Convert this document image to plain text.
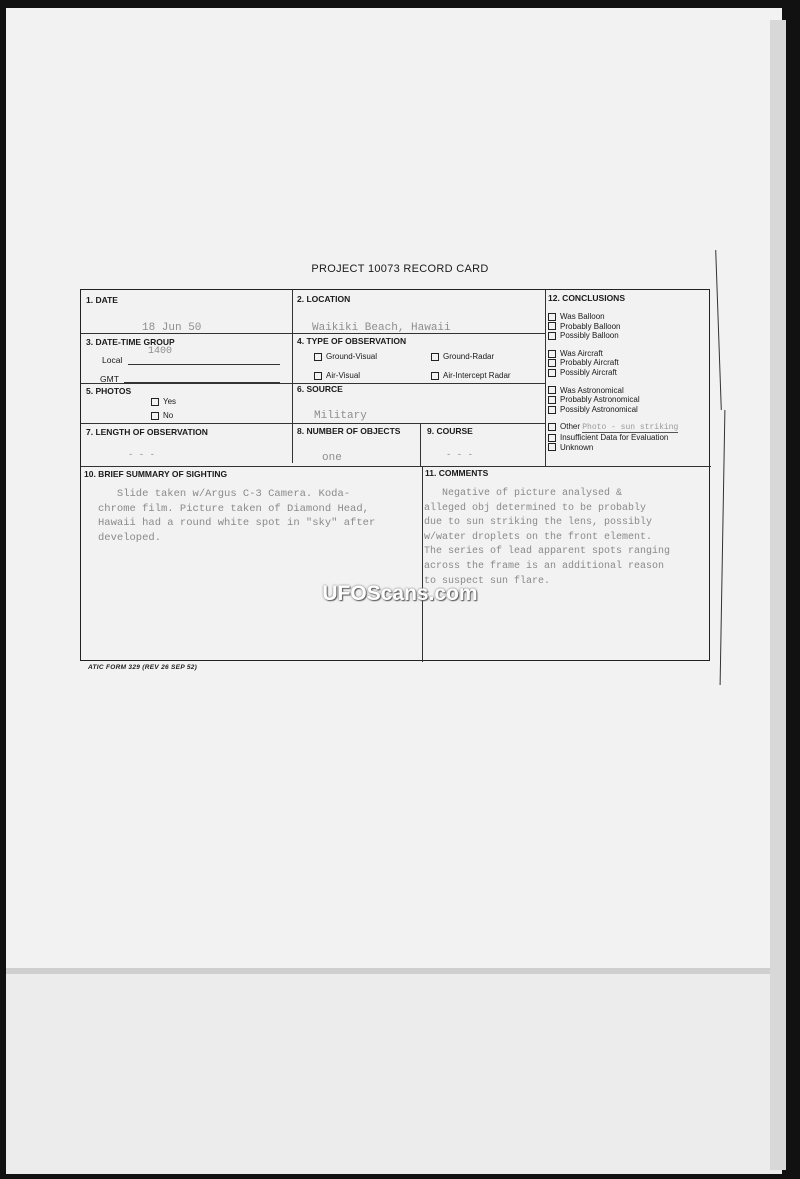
PROJECT 10073 RECORD CARD
1. DATE
18 Jun 50
2. LOCATION
Waikiki Beach, Hawaii
3. DATE-TIME GROUP
Local
1400
GMT
4. TYPE OF OBSERVATION
Ground-Visual	Ground-Radar
Air-Visual	Air-Intercept Radar
5. PHOTOS
Yes
No
6. SOURCE
Military
7. LENGTH OF OBSERVATION
- - -
8. NUMBER OF OBJECTS
one
9. COURSE
- - -
10. BRIEF SUMMARY OF SIGHTING
Slide taken w/Argus C-3 Camera. Koda-
chrome film. Picture taken of Diamond Head,
Hawaii had a round white spot in "sky" after
developed.
11. COMMENTS
Negative of picture analysed &
alleged obj determined to be probably
due to sun striking the lens, possibly
w/water droplets on the front element.
The series of lead apparent spots ranging
across the frame is an additional reason
to suspect sun flare.
12. CONCLUSIONS
Was Balloon
Probably Balloon
Possibly Balloon
Was Aircraft
Probably Aircraft
Possibly Aircraft
Was Astronomical
Probably Astronomical
Possibly Astronomical
Other Photo - sun striking
Insufficient Data for Evaluation
Unknown
ATIC FORM 329 (REV 26 SEP 52)
UFOScans.com
